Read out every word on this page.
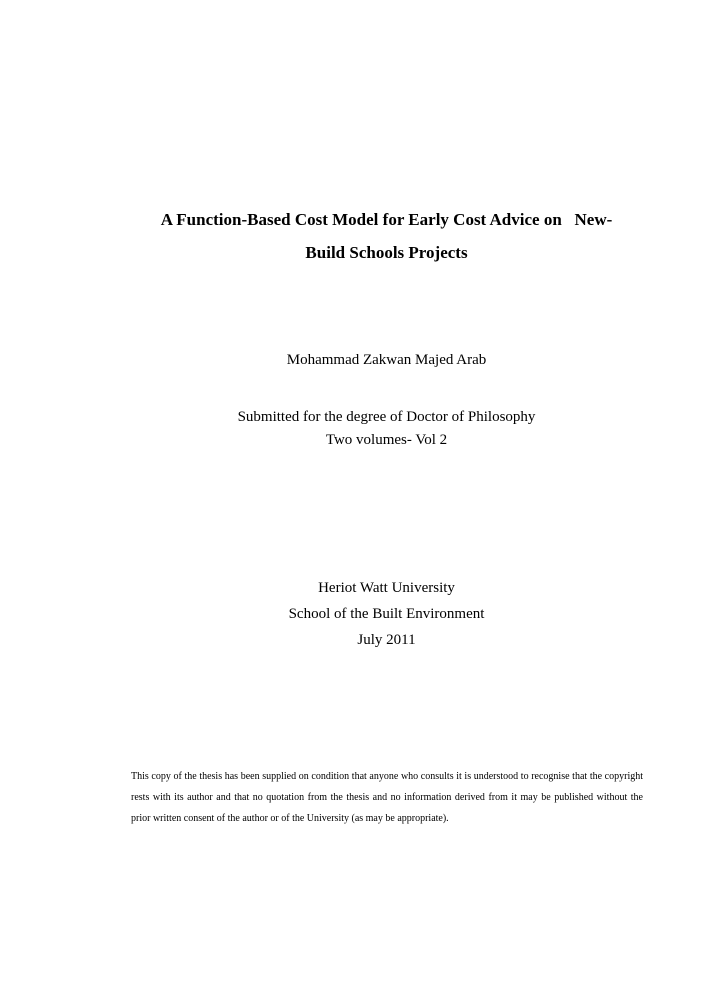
A Function-Based Cost Model for Early Cost Advice on   New-
Build Schools Projects
Mohammad Zakwan Majed Arab
Submitted for the degree of Doctor of Philosophy
Two volumes- Vol 2
Heriot Watt University
School of the Built Environment
July 2011
This copy of the thesis has been supplied on condition that anyone who consults it is understood to recognise that the copyright rests with its author and that no quotation from the thesis and no information derived from it may be published without the prior written consent of the author or of the University (as may be appropriate).
